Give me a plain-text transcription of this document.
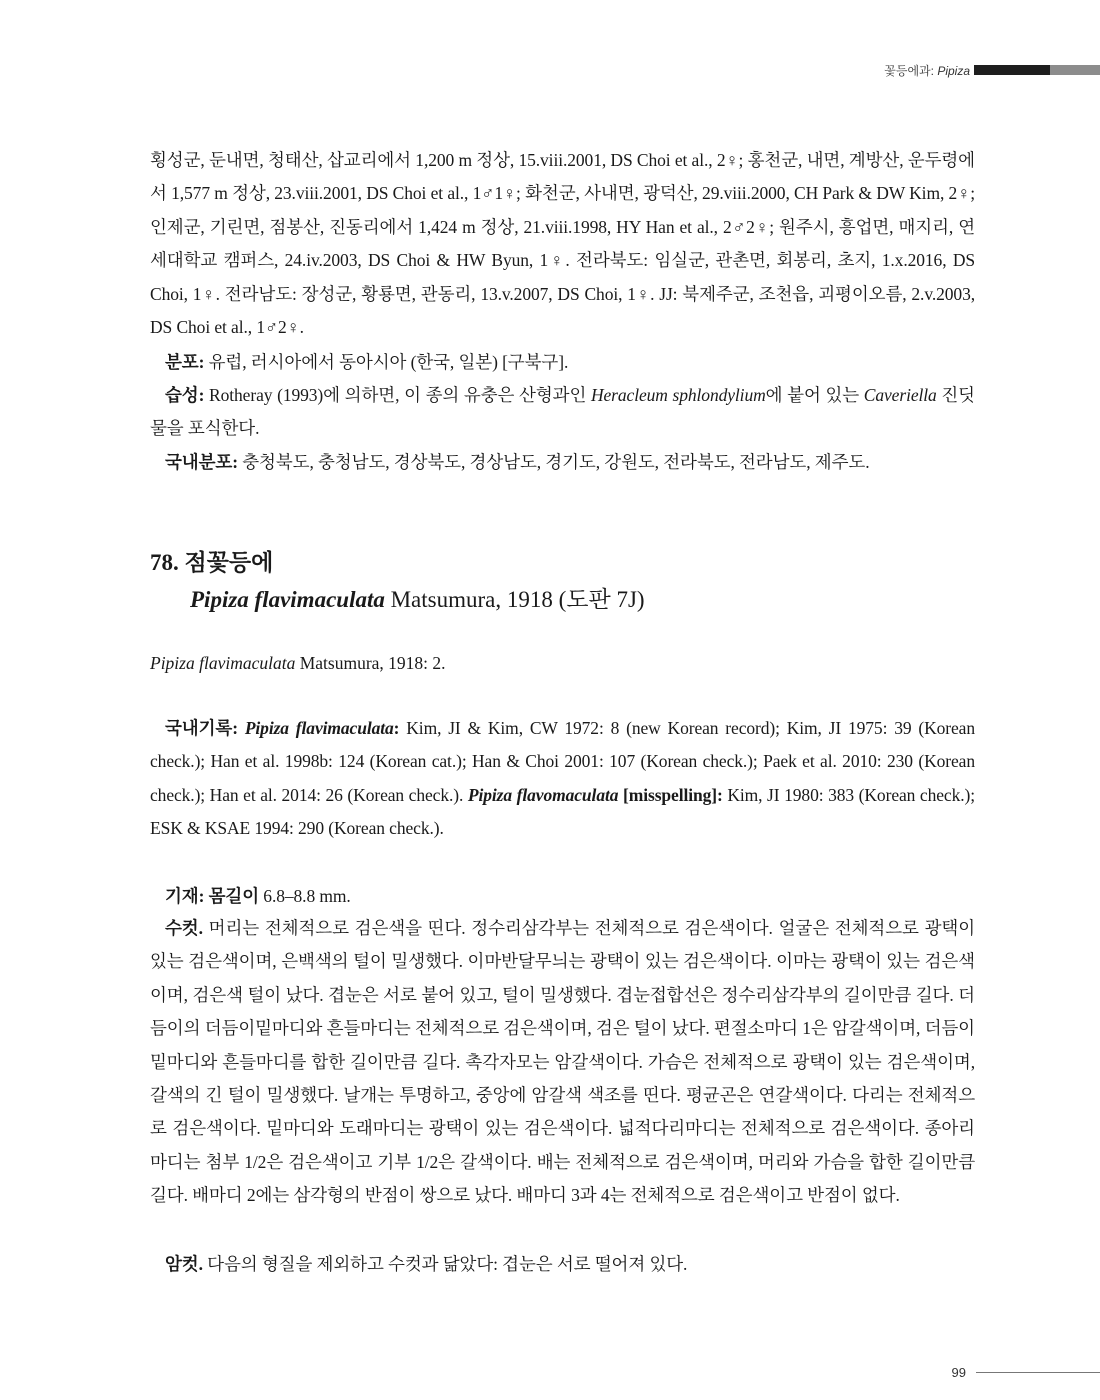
꽃등에과: Pipiza

횡성군, 둔내면, 청태산, 삽교리에서 1,200 m 정상, 15.viii.2001, DS Choi et al., 2♀; 홍천군, 내면, 계방산, 운두령에서 1,577 m 정상, 23.viii.2001, DS Choi et al., 1♂1♀; 화천군, 사내면, 광덕산, 29.viii.2000, CH Park & DW Kim, 2♀; 인제군, 기린면, 점봉산, 진동리에서 1,424 m 정상, 21.viii.1998, HY Han et al., 2♂2♀; 원주시, 흥업면, 매지리, 연세대학교 캠퍼스, 24.iv.2003, DS Choi & HW Byun, 1♀. 전라북도: 임실군, 관촌면, 회봉리, 초지, 1.x.2016, DS Choi, 1♀. 전라남도: 장성군, 황룡면, 관동리, 13.v.2007, DS Choi, 1♀. JJ: 북제주군, 조천읍, 괴평이오름, 2.v.2003, DS Choi et al., 1♂2♀.

분포: 유럽, 러시아에서 동아시아 (한국, 일본) [구북구].

습성: Rotheray (1993)에 의하면, 이 종의 유충은 산형과인 Heracleum sphlondylium에 붙어 있는 Caveriella 진딧물을 포식한다.

국내분포: 충청북도, 충청남도, 경상북도, 경상남도, 경기도, 강원도, 전라북도, 전라남도, 제주도.

78. 점꽃등에
Pipiza flavimaculata Matsumura, 1918 (도판 7J)
Pipiza flavimaculata Matsumura, 1918: 2.

국내기록: Pipiza flavimaculata: Kim, JI & Kim, CW 1972: 8 (new Korean record); Kim, JI 1975: 39 (Korean check.); Han et al. 1998b: 124 (Korean cat.); Han & Choi 2001: 107 (Korean check.); Paek et al. 2010: 230 (Korean check.); Han et al. 2014: 26 (Korean check.). Pipiza flavomaculata [misspelling]: Kim, JI 1980: 383 (Korean check.); ESK & KSAE 1994: 290 (Korean check.).

기재: 몸길이 6.8–8.8 mm.

수컷. 머리는 전체적으로 검은색을 띤다. 정수리삼각부는 전체적으로 검은색이다. 얼굴은 전체적으로 광택이 있는 검은색이며, 은백색의 털이 밀생했다. 이마반달무늬는 광택이 있는 검은색이다. 이마는 광택이 있는 검은색이며, 검은색 털이 났다. 겹눈은 서로 붙어 있고, 털이 밀생했다. 겹눈접합선은 정수리삼각부의 길이만큼 길다. 더듬이의 더듬이밑마디와 흔들마디는 전체적으로 검은색이며, 검은 털이 났다. 편절소마디 1은 암갈색이며, 더듬이밑마디와 흔들마디를 합한 길이만큼 길다. 촉각자모는 암갈색이다. 가슴은 전체적으로 광택이 있는 검은색이며, 갈색의 긴 털이 밀생했다. 날개는 투명하고, 중앙에 암갈색 색조를 띤다. 평균곤은 연갈색이다. 다리는 전체적으로 검은색이다. 밑마디와 도래마디는 광택이 있는 검은색이다. 넓적다리마디는 전체적으로 검은색이다. 종아리마디는 첨부 1/2은 검은색이고 기부 1/2은 갈색이다. 배는 전체적으로 검은색이며, 머리와 가슴을 합한 길이만큼 길다. 배마디 2에는 삼각형의 반점이 쌍으로 났다. 배마디 3과 4는 전체적으로 검은색이고 반점이 없다.

암컷. 다음의 형질을 제외하고 수컷과 닮았다: 겹눈은 서로 떨어져 있다.

99
